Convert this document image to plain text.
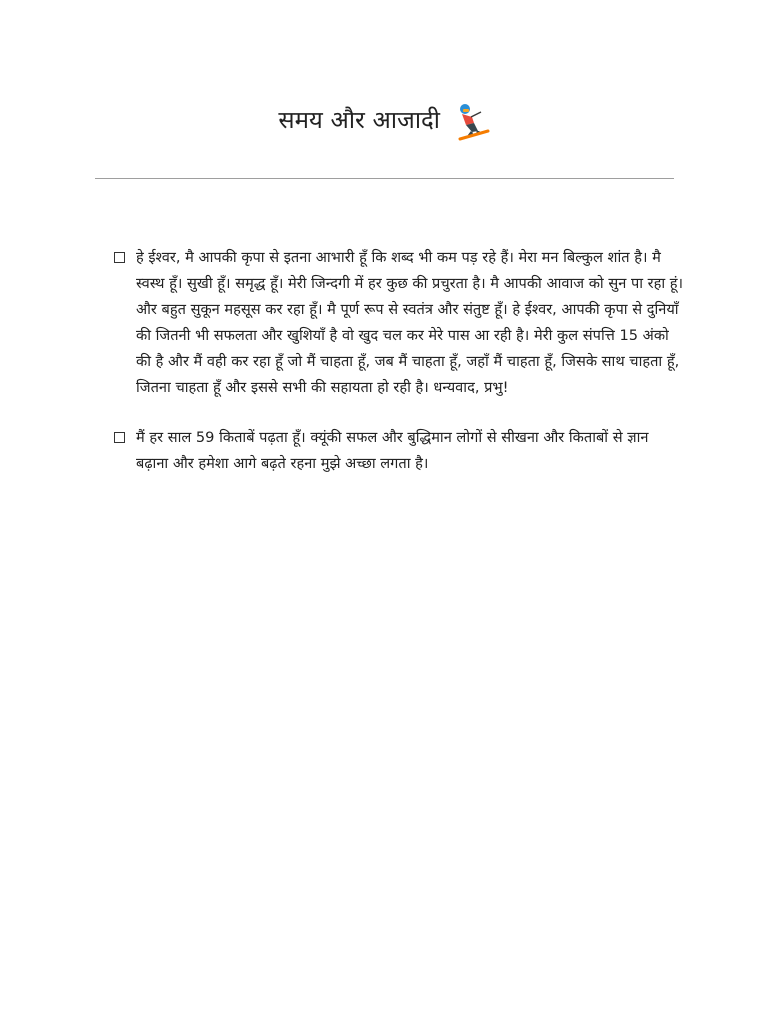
समय और आजादी
हे ईश्वर, मै आपकी कृपा से इतना आभारी हूँ कि शब्द भी कम पड़ रहे हैं। मेरा मन बिल्कुल शांत है। मै स्वस्थ हूँ। सुखी हूँ। समृद्ध हूँ। मेरी जिन्दगी में हर कुछ की प्रचुरता है। मै आपकी आवाज को सुन पा रहा हूं। और बहुत सुकून महसूस कर रहा हूँ। मै पूर्ण रूप से स्वतंत्र और संतुष्ट हूँ। हे ईश्वर, आपकी कृपा से दुनियाँ की जितनी भी सफलता और खुशियाँ है वो खुद चल कर मेरे पास आ रही है। मेरी कुल संपत्ति 15 अंको की है और मैं वही कर रहा हूँ जो मैं चाहता हूँ, जब मैं चाहता हूँ, जहाँ मैं चाहता हूँ, जिसके साथ चाहता हूँ, जितना चाहता हूँ और इससे सभी की सहायता हो रही है। धन्यवाद, प्रभु!
मैं हर साल 59 किताबें पढ़ता हूँ। क्यूंकी सफल और बुद्धिमान लोगों से सीखना और किताबों से ज्ञान बढ़ाना और हमेशा आगे बढ़ते रहना मुझे अच्छा लगता है।
